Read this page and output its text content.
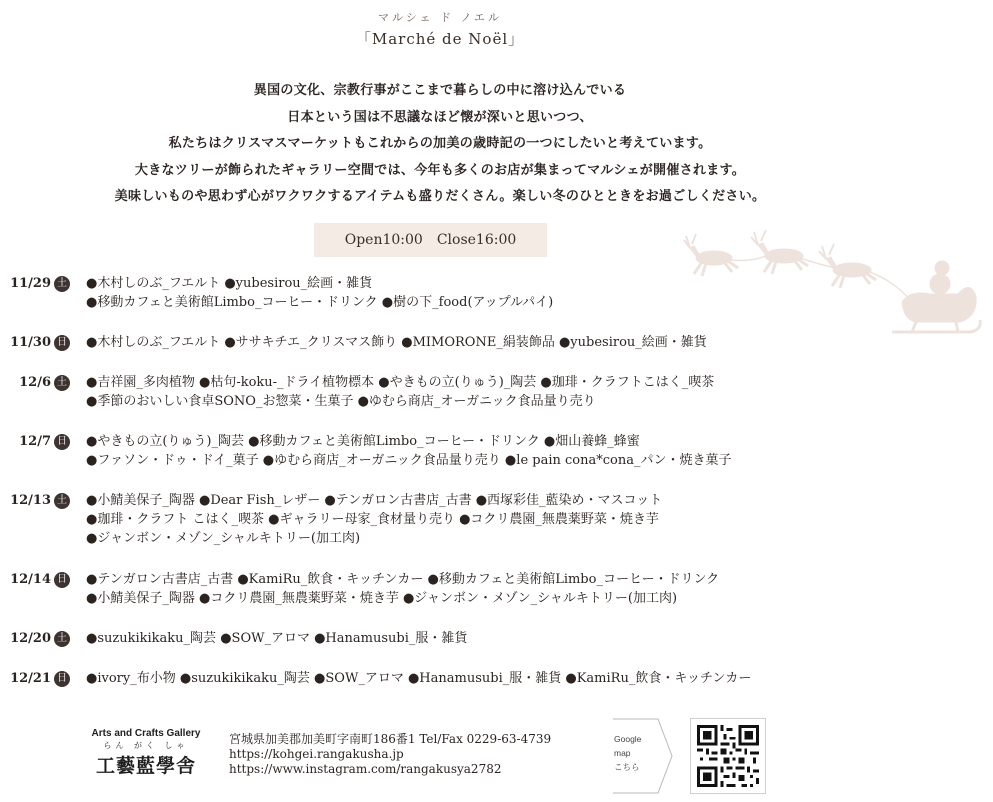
マルシェ ド ノエル
「Marché de Noël」
異国の文化、宗教行事がここまで暮らしの中に溶け込んでいる
日本という国は不思議なほど懐が深いと思いつつ、
私たちはクリスマスマーケットもこれからの加美の歳時記の一つにしたいと考えています。
大きなツリーが飾られたギャラリー空間では、今年も多くのお店が集まってマルシェが開催されます。
美味しいものや思わず心がワクワクするアイテムも盛りだくさん。楽しい冬のひとときをお過ごしください。
Open10:00　Close16:00
11/29 土 ●木村しのぶ_フエルト ●yubesirou_絵画・雑貨
●移動カフェと美術館Limbo_コーヒー・ドリンク ●樹の下_food(アップルパイ)
11/30 日 ●木村しのぶ_フエルト ●ササキチエ_クリスマス飾り ●MIMORONE_絹装飾品 ●yubesirou_絵画・雑貨
12/6 土 ●吉祥園_多肉植物 ●枯句-koku-_ドライ植物標本 ●やきもの立(りゅう)_陶芸 ●珈琲・クラフトこはく_喫茶
●季節のおいしい食卓SONO_お惣菜・生菓子 ●ゆむら商店_オーガニック食品量り売り
12/7 日 ●やきもの立(りゅう)_陶芸 ●移動カフェと美術館Limbo_コーヒー・ドリンク ●畑山養蜂_蜂蜜
●ファソン・ドゥ・ドイ_菓子 ●ゆむら商店_オーガニック食品量り売り ●le pain cona*cona_パン・焼き菓子
12/13 土 ●小鯖美保子_陶器 ●Dear Fish_レザー ●テンガロン古書店_古書 ●西塚彩佳_藍染め・マスコット
●珈琲・クラフト こはく_喫茶 ●ギャラリー母家_食材量り売り ●コクリ農園_無農薬野菜・焼き芋
●ジャンボン・メゾン_シャルキトリー(加工肉)
12/14 日 ●テンガロン古書店_古書 ●KamiRu_飲食・キッチンカー ●移動カフェと美術館Limbo_コーヒー・ドリンク
●小鯖美保子_陶器 ●コクリ農園_無農薬野菜・焼き芋 ●ジャンボン・メゾン_シャルキトリー(加工肉)
12/20 土 ●suzukikikaku_陶芸 ●SOW_アロマ ●Hanamusubi_服・雑貨
12/21 日 ●ivory_布小物 ●suzukikikaku_陶芸 ●SOW_アロマ ●Hanamusubi_服・雑貨 ●KamiRu_飲食・キッチンカー
Arts and Crafts Gallery
らん がく しゃ
工藝藍學舎
宮城県加美郡加美町字南町186番1 Tel/Fax 0229-63-4739
https://kohgei.rangakusha.jp
https://www.instagram.com/rangakusya2782
Google
map
こちら
